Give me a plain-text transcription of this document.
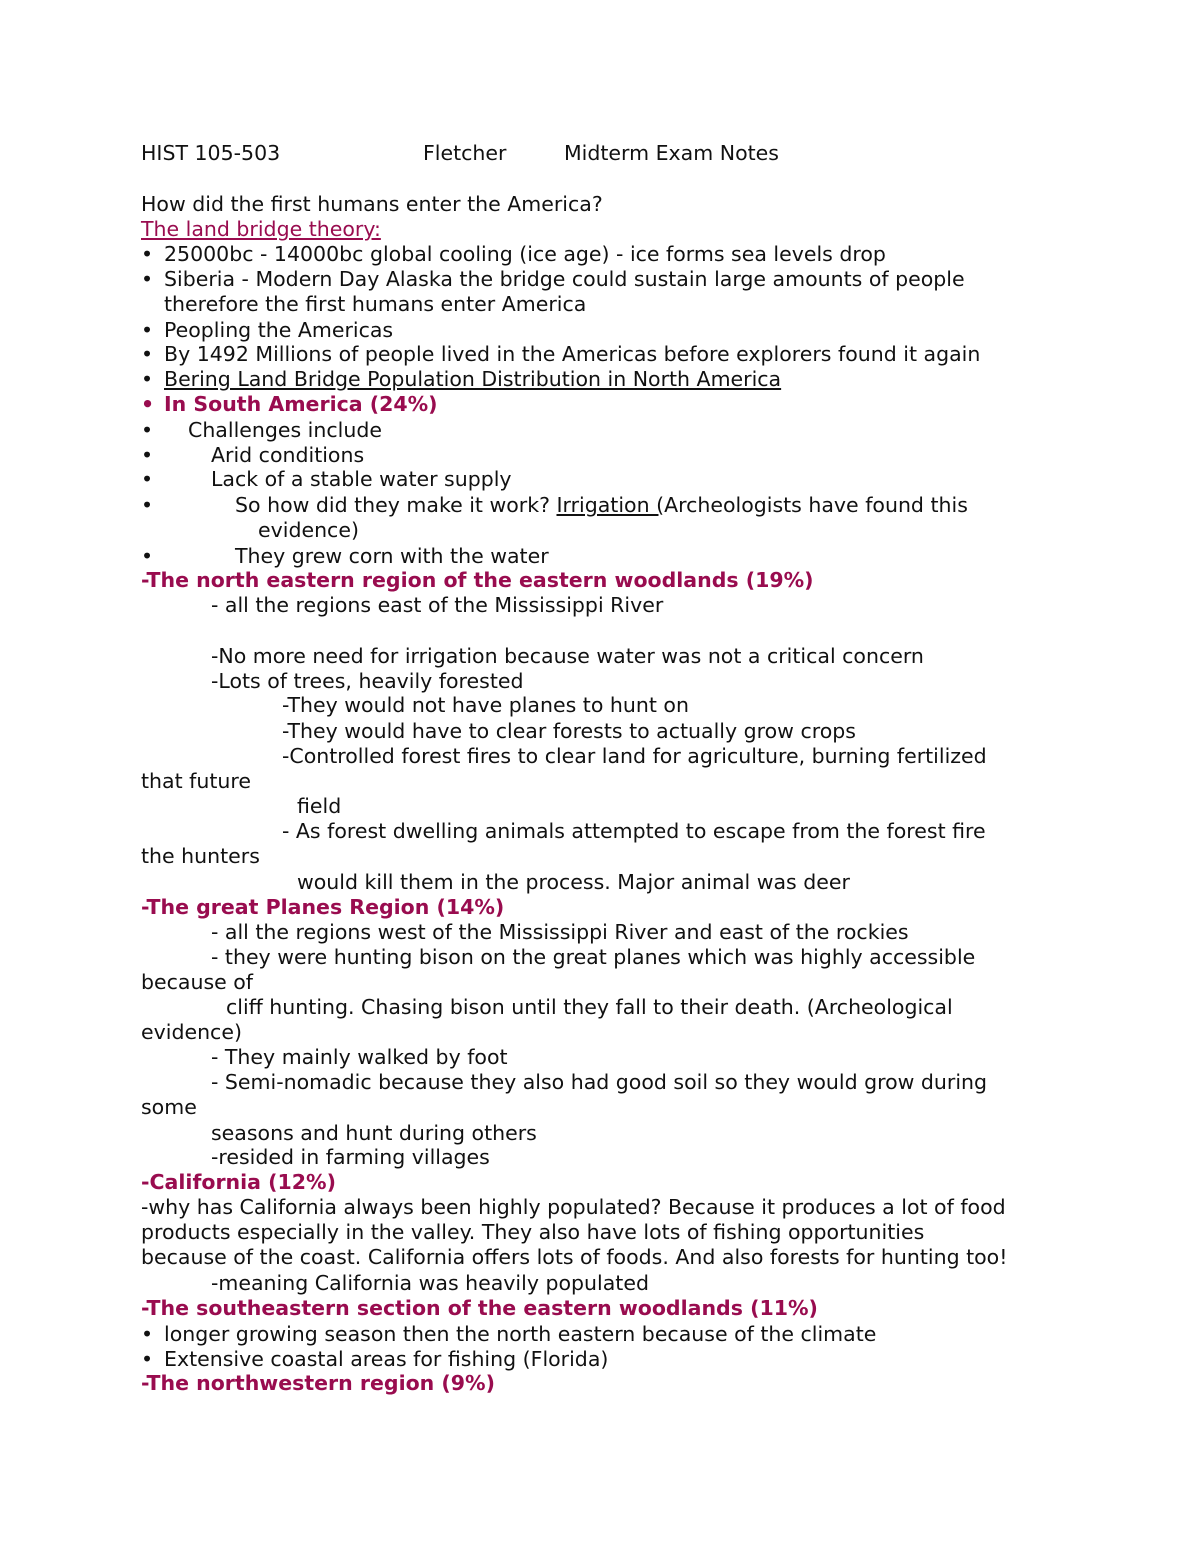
HIST 105-503	Fletcher	Midterm Exam Notes
How did the first humans enter the America?
The land bridge theory:
• 25000bc - 14000bc global cooling (ice age) - ice forms sea levels drop
• Siberia - Modern Day Alaska the bridge could sustain large amounts of people
therefore the first humans enter America
• Peopling the Americas
• By 1492 Millions of people lived in the Americas before explorers found it again
• Bering Land Bridge Population Distribution in North America
• In South America (24%)
• Challenges include
•	Arid conditions
•	Lack of a stable water supply
•	So how did they make it work? Irrigation (Archeologists have found this
evidence)
•	They grew corn with the water
-The north eastern region of the eastern woodlands (19%)
- all the regions east of the Mississippi River
-No more need for irrigation because water was not a critical concern
-Lots of trees, heavily forested
-They would not have planes to hunt on
-They would have to clear forests to actually grow crops
-Controlled forest fires to clear land for agriculture, burning fertilized
that future
field
- As forest dwelling animals attempted to escape from the forest fire
the hunters
would kill them in the process. Major animal was deer
-The great Planes Region (14%)
- all the regions west of the Mississippi River and east of the rockies
- they were hunting bison on the great planes which was highly accessible
because of
cliff hunting. Chasing bison until they fall to their death. (Archeological
evidence)
- They mainly walked by foot
- Semi-nomadic because they also had good soil so they would grow during
some
seasons and hunt during others
-resided in farming villages
-California (12%)
-why has California always been highly populated? Because it produces a lot of food
products especially in the valley. They also have lots of fishing opportunities
because of the coast. California offers lots of foods. And also forests for hunting too!
-meaning California was heavily populated
-The southeastern section of the eastern woodlands (11%)
• longer growing season then the north eastern because of the climate
• Extensive coastal areas for fishing (Florida)
-The northwestern region (9%)
